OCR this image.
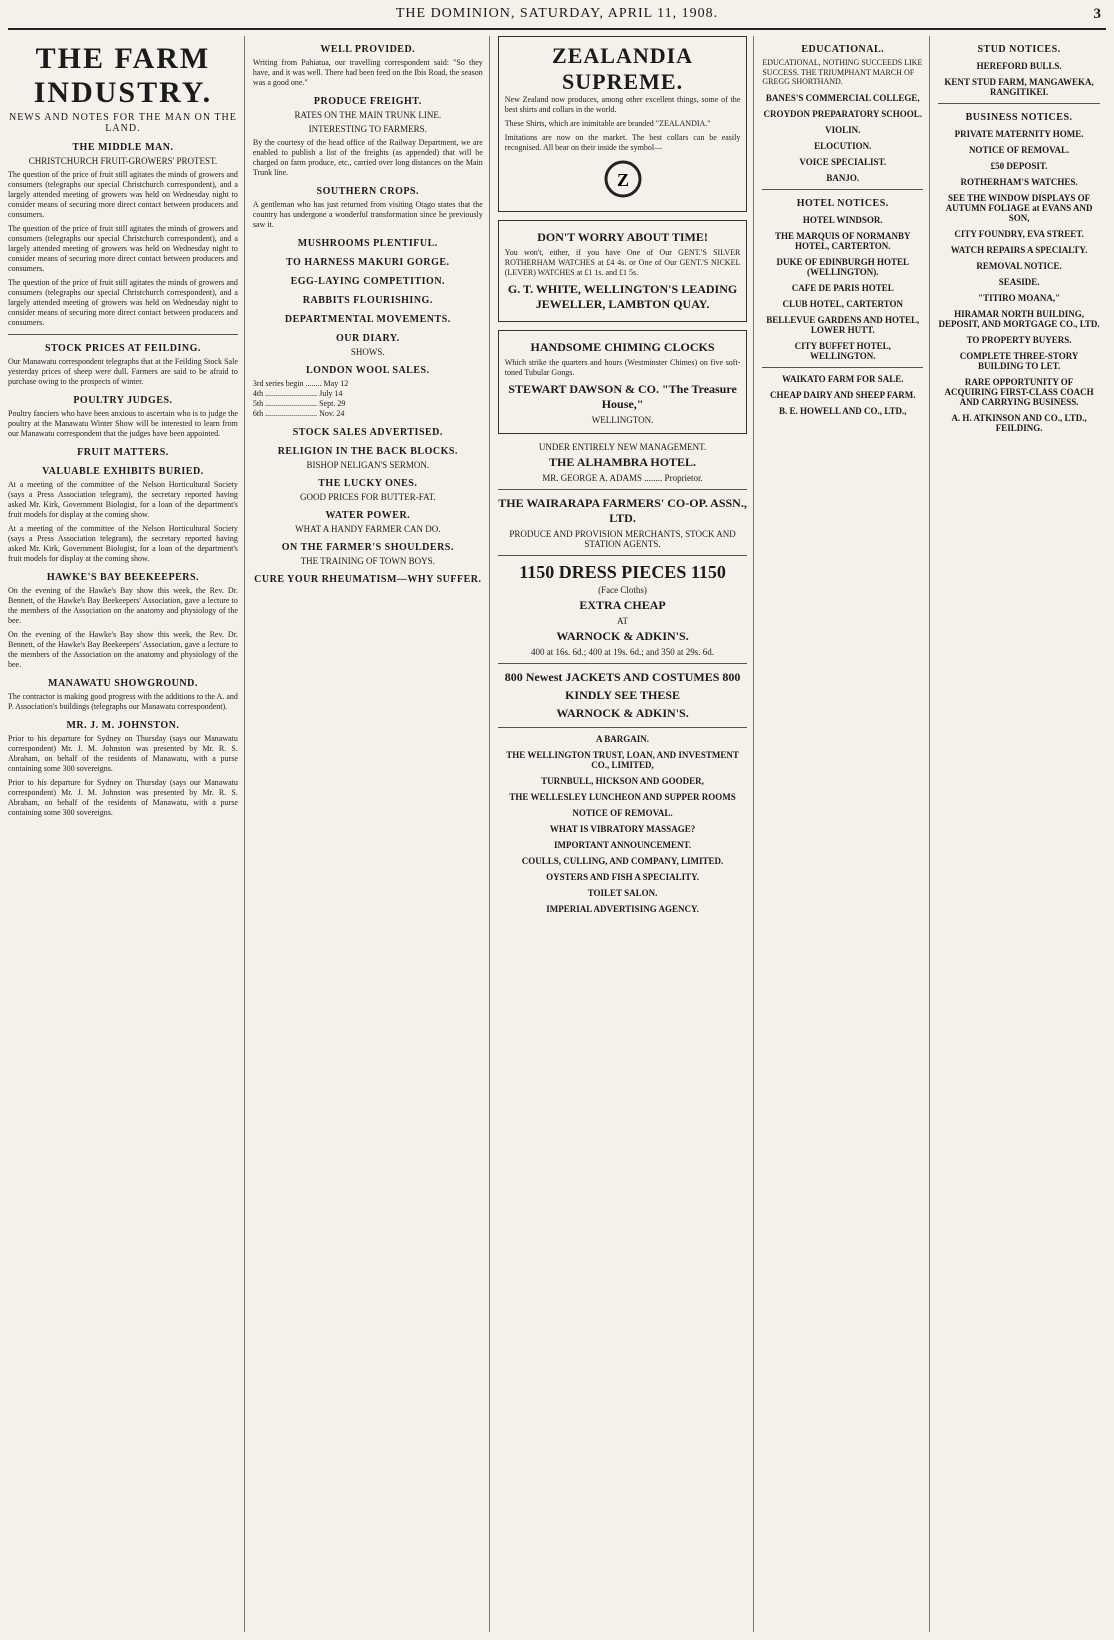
THE DOMINION, SATURDAY, APRIL 11, 1908.	3
THE FARM INDUSTRY.
NEWS AND NOTES FOR THE MAN ON THE LAND.
THE MIDDLE MAN.
CHRISTCHURCH FRUIT-GROWERS' PROTEST.

The question of the price of fruit still agitates the minds of growers and consumers (telegraphs our special Christchurch correspondent), and a largely attended meeting of growers was held on Wednesday night to consider means of securing more direct contact between producers and consumers.

The question of the price of fruit still agitates the minds of growers and consumers (telegraphs our special Christchurch correspondent), and a largely attended meeting of growers was held on Wednesday night to consider means of securing more direct contact between producers and consumers.

The question of the price of fruit still agitates the minds of growers and consumers (telegraphs our special Christchurch correspondent), and a largely attended meeting of growers was held on Wednesday night to consider means of securing more direct contact between producers and consumers.

STOCK PRICES AT FEILDING.

Our Manawatu correspondent telegraphs that at the Feilding Stock Sale yesterday prices of sheep were dull. Farmers are said to be afraid to purchase owing to the prospects of winter.

POULTRY JUDGES.

Poultry fanciers who have been anxious to ascertain who is to judge the poultry at the Manawatu Winter Show will be interested to learn from our Manawatu correspondent that the judges have been appointed.

FRUIT MATTERS.
VALUABLE EXHIBITS BURIED.

At a meeting of the committee of the Nelson Horticultural Society (says a Press Association telegram), the secretary reported having asked Mr. Kirk, Government Biologist, for a loan of the department's fruit models for display at the coming show.

At a meeting of the committee of the Nelson Horticultural Society (says a Press Association telegram), the secretary reported having asked Mr. Kirk, Government Biologist, for a loan of the department's fruit models for display at the coming show.

HAWKE'S BAY BEEKEEPERS.

On the evening of the Hawke's Bay show this week, the Rev. Dr. Bennett, of the Hawke's Bay Beekeepers' Association, gave a lecture to the members of the Association on the anatomy and physiology of the bee.

On the evening of the Hawke's Bay show this week, the Rev. Dr. Bennett, of the Hawke's Bay Beekeepers' Association, gave a lecture to the members of the Association on the anatomy and physiology of the bee.

MANAWATU SHOWGROUND.

The contractor is making good progress with the additions to the A. and P. Association's buildings (telegraphs our Manawatu correspondent).

MR. J. M. JOHNSTON.

Prior to his departure for Sydney on Thursday (says our Manawatu correspondent) Mr. J. M. Johnston was presented by Mr. R. S. Abraham, on behalf of the residents of Manawatu, with a purse containing some 300 sovereigns.

Prior to his departure for Sydney on Thursday (says our Manawatu correspondent) Mr. J. M. Johnston was presented by Mr. R. S. Abraham, on behalf of the residents of Manawatu, with a purse containing some 300 sovereigns.

WELL PROVIDED.

Writing from Pahiatua, our travelling correspondent said: "So they have, and it was well. There had been feed on the Ibis Road, the season was a good one."

PRODUCE FREIGHT.
RATES ON THE MAIN TRUNK LINE.
INTERESTING TO FARMERS.

By the courtesy of the head office of the Railway Department, we are enabled to publish a list of the freights (as appended) that will be charged on farm produce, etc., carried over long distances on the Main Trunk line.

SOUTHERN CROPS.

A gentleman who has just returned from visiting Otago states that the country has undergone a wonderful transformation since he previously saw it.

MUSHROOMS PLENTIFUL.
TO HARNESS MAKURI GORGE.
EGG-LAYING COMPETITION.
RABBITS FLOURISHING.
DEPARTMENTAL MOVEMENTS.
OUR DIARY.
SHOWS.
LONDON WOOL SALES.
3rd series begin ........ May 12
4th .......................... July 14
5th .......................... Sept. 29
6th .......................... Nov. 24
STOCK SALES ADVERTISED.
RELIGION IN THE BACK BLOCKS.
BISHOP NELIGAN'S SERMON.
THE LUCKY ONES.
GOOD PRICES FOR BUTTER-FAT.
WATER POWER.
WHAT A HANDY FARMER CAN DO.
ON THE FARMER'S SHOULDERS.
THE TRAINING OF TOWN BOYS.
CURE YOUR RHEUMATISM—WHY SUFFER.
ZEALANDIA SUPREME.

New Zealand now produces, among other excellent things, some of the best shirts and collars in the world.

These Shirts, which are inimitable are branded "ZEALANDIA."

Imitations are now on the market. The best collars can be easily recognised. All bear on their inside the symbol—

Z
DON'T WORRY ABOUT TIME!

You won't, either, if you have One of Our GENT.'S SILVER ROTHERHAM WATCHES at £4 4s. or One of Our GENT.'S NICKEL (LEVER) WATCHES at £1 1s. and £1 5s.

G. T. WHITE, WELLINGTON'S LEADING JEWELLER, LAMBTON QUAY.
HANDSOME CHIMING CLOCKS

Which strike the quarters and hours (Westminster Chimes) on five soft-toned Tubular Gongs.

STEWART DAWSON & CO. "The Treasure House,"
WELLINGTON.
UNDER ENTIRELY NEW MANAGEMENT.
THE ALHAMBRA HOTEL.
MR. GEORGE A. ADAMS ........ Proprietor.
THE WAIRARAPA FARMERS' CO-OP. ASSN., LTD.
PRODUCE AND PROVISION MERCHANTS, STOCK AND STATION AGENTS.
1150 DRESS PIECES 1150
(Face Cloths)
EXTRA CHEAP
AT
WARNOCK & ADKIN'S.
400 at 16s. 6d.; 400 at 19s. 6d.; and 350 at 29s. 6d.
800 Newest JACKETS AND COSTUMES 800
KINDLY SEE THESE
WARNOCK & ADKIN'S.
A BARGAIN.
THE WELLINGTON TRUST, LOAN, AND INVESTMENT CO., LIMITED,
TURNBULL, HICKSON AND GOODER,
THE WELLESLEY LUNCHEON AND SUPPER ROOMS
NOTICE OF REMOVAL.
WHAT IS VIBRATORY MASSAGE?
IMPORTANT ANNOUNCEMENT.
COULLS, CULLING, AND COMPANY, LIMITED.
OYSTERS AND FISH A SPECIALITY.
TOILET SALON.
IMPERIAL ADVERTISING AGENCY.
EDUCATIONAL.

EDUCATIONAL, NOTHING SUCCEEDS LIKE SUCCESS. THE TRIUMPHANT MARCH OF GREGG SHORTHAND.

BANES'S COMMERCIAL COLLEGE,
CROYDON PREPARATORY SCHOOL.
VIOLIN.
ELOCUTION.
VOICE SPECIALIST.
BANJO.
HOTEL NOTICES.
HOTEL WINDSOR.
THE MARQUIS OF NORMANBY HOTEL, CARTERTON.
DUKE OF EDINBURGH HOTEL (WELLINGTON).
CAFE DE PARIS HOTEL
CLUB HOTEL, CARTERTON
BELLEVUE GARDENS AND HOTEL, LOWER HUTT.
CITY BUFFET HOTEL, WELLINGTON.
WAIKATO FARM FOR SALE.
CHEAP DAIRY AND SHEEP FARM.
B. E. HOWELL AND CO., LTD.,
STUD NOTICES.
HEREFORD BULLS.
KENT STUD FARM, MANGAWEKA, RANGITIKEI.
BUSINESS NOTICES.
PRIVATE MATERNITY HOME.
NOTICE OF REMOVAL.
£50 DEPOSIT.
ROTHERHAM'S WATCHES.
SEE THE WINDOW DISPLAYS OF AUTUMN FOLIAGE at EVANS AND SON,
CITY FOUNDRY, EVA STREET.
WATCH REPAIRS A SPECIALTY.
REMOVAL NOTICE.
SEASIDE.
"TITIRO MOANA,"
HIRAMAR NORTH BUILDING, DEPOSIT, AND MORTGAGE CO., LTD.
TO PROPERTY BUYERS.
COMPLETE THREE-STORY BUILDING TO LET.
RARE OPPORTUNITY OF ACQUIRING FIRST-CLASS COACH AND CARRYING BUSINESS.
A. H. ATKINSON AND CO., LTD., FEILDING.
